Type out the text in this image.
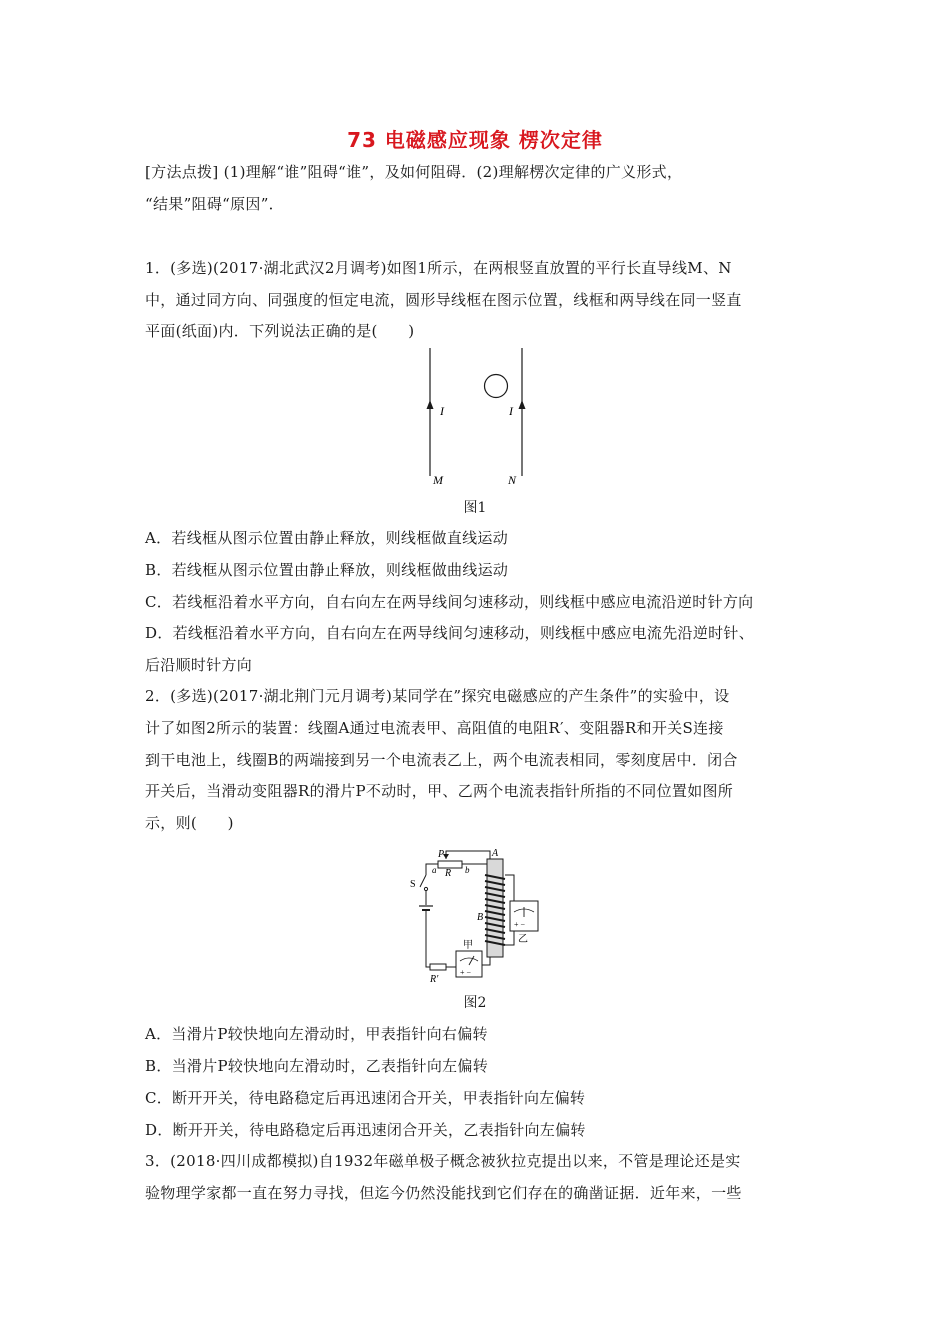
73 电磁感应现象 楞次定律
[方法点拨] (1)理解“谁”阻碍“谁”，及如何阻碍．(2)理解楞次定律的广义形式，
“结果”阻碍“原因”．
1．(多选)(2017·湖北武汉2月调考)如图1所示，在两根竖直放置的平行长直导线M、N
中，通过同方向、同强度的恒定电流，圆形导线框在图示位置，线框和两导线在同一竖直
平面(纸面)内．下列说法正确的是(　　)
I	I
M	N
图1
A．若线框从图示位置由静止释放，则线框做直线运动
B．若线框从图示位置由静止释放，则线框做曲线运动
C．若线框沿着水平方向，自右向左在两导线间匀速移动，则线框中感应电流沿逆时针方向
D．若线框沿着水平方向，自右向左在两导线间匀速移动，则线框中感应电流先沿逆时针、
后沿顺时针方向
2．(多选)(2017·湖北荆门元月调考)某同学在”探究电磁感应的产生条件”的实验中，设
计了如图2所示的装置：线圈A通过电流表甲、高阻值的电阻R′、变阻器R和开关S连接
到干电池上，线圈B的两端接到另一个电流表乙上，两个电流表相同，零刻度居中．闭合
开关后，当滑动变阻器R的滑片P不动时，甲、乙两个电流表指针所指的不同位置如图所
示，则(　　)
+ −
+ −
P
a R b
A
S
B
R′
甲
乙
图2
A．当滑片P较快地向左滑动时，甲表指针向右偏转
B．当滑片P较快地向左滑动时，乙表指针向左偏转
C．断开开关，待电路稳定后再迅速闭合开关，甲表指针向左偏转
D．断开开关，待电路稳定后再迅速闭合开关，乙表指针向左偏转
3．(2018·四川成都模拟)自1932年磁单极子概念被狄拉克提出以来，不管是理论还是实
验物理学家都一直在努力寻找，但迄今仍然没能找到它们存在的确凿证据．近年来，一些
